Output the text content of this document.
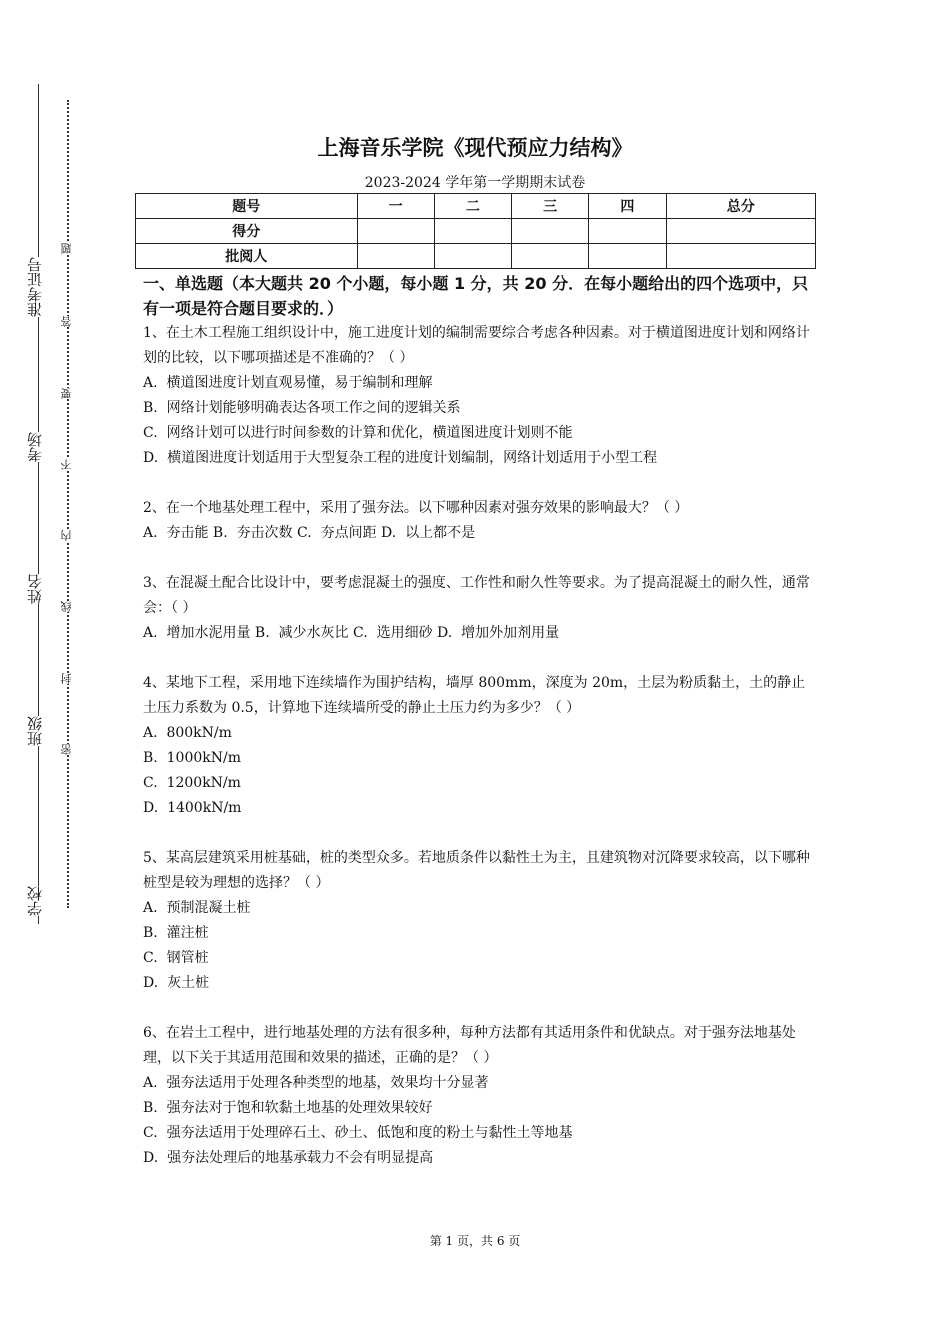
准考证号
考场
姓名
班级
学校
题
答
要
不
内
线
封
密
上海音乐学院《现代预应力结构》
2023-2024 学年第一学期期末试卷
题号	一	二	三	四	总分
得分					
批阅人					
一、单选题（本大题共 20 个小题，每小题 1 分，共 20 分．在每小题给出的四个选项中，只有一项是符合题目要求的．）
1、在土木工程施工组织设计中，施工进度计划的编制需要综合考虑各种因素。对于横道图进度计划和网络计划的比较，以下哪项描述是不准确的？（ ）
A.  横道图进度计划直观易懂，易于编制和理解
B.  网络计划能够明确表达各项工作之间的逻辑关系
C.  网络计划可以进行时间参数的计算和优化，横道图进度计划则不能
D.  横道图进度计划适用于大型复杂工程的进度计划编制，网络计划适用于小型工程
2、在一个地基处理工程中，采用了强夯法。以下哪种因素对强夯效果的影响最大？（ ）
A.  夯击能 B.  夯击次数 C.  夯点间距 D.  以上都不是
3、在混凝土配合比设计中，要考虑混凝土的强度、工作性和耐久性等要求。为了提高混凝土的耐久性，通常会：（ ）
A.  增加水泥用量 B.  减少水灰比 C.  选用细砂 D.  增加外加剂用量
4、某地下工程，采用地下连续墙作为围护结构，墙厚 800mm，深度为 20m，土层为粉质黏土，土的静止土压力系数为 0.5，计算地下连续墙所受的静止土压力约为多少？（ ）
A.  800kN/m
B.  1000kN/m
C.  1200kN/m
D.  1400kN/m
5、某高层建筑采用桩基础，桩的类型众多。若地质条件以黏性土为主，且建筑物对沉降要求较高，以下哪种桩型是较为理想的选择？（ ）
A.  预制混凝土桩
B.  灌注桩
C.  钢管桩
D.  灰土桩
6、在岩土工程中，进行地基处理的方法有很多种，每种方法都有其适用条件和优缺点。对于强夯法地基处理，以下关于其适用范围和效果的描述，正确的是？（ ）
A.  强夯法适用于处理各种类型的地基，效果均十分显著
B.  强夯法对于饱和软黏土地基的处理效果较好
C.  强夯法适用于处理碎石土、砂土、低饱和度的粉土与黏性土等地基
D.  强夯法处理后的地基承载力不会有明显提高
第 1 页，共 6 页
